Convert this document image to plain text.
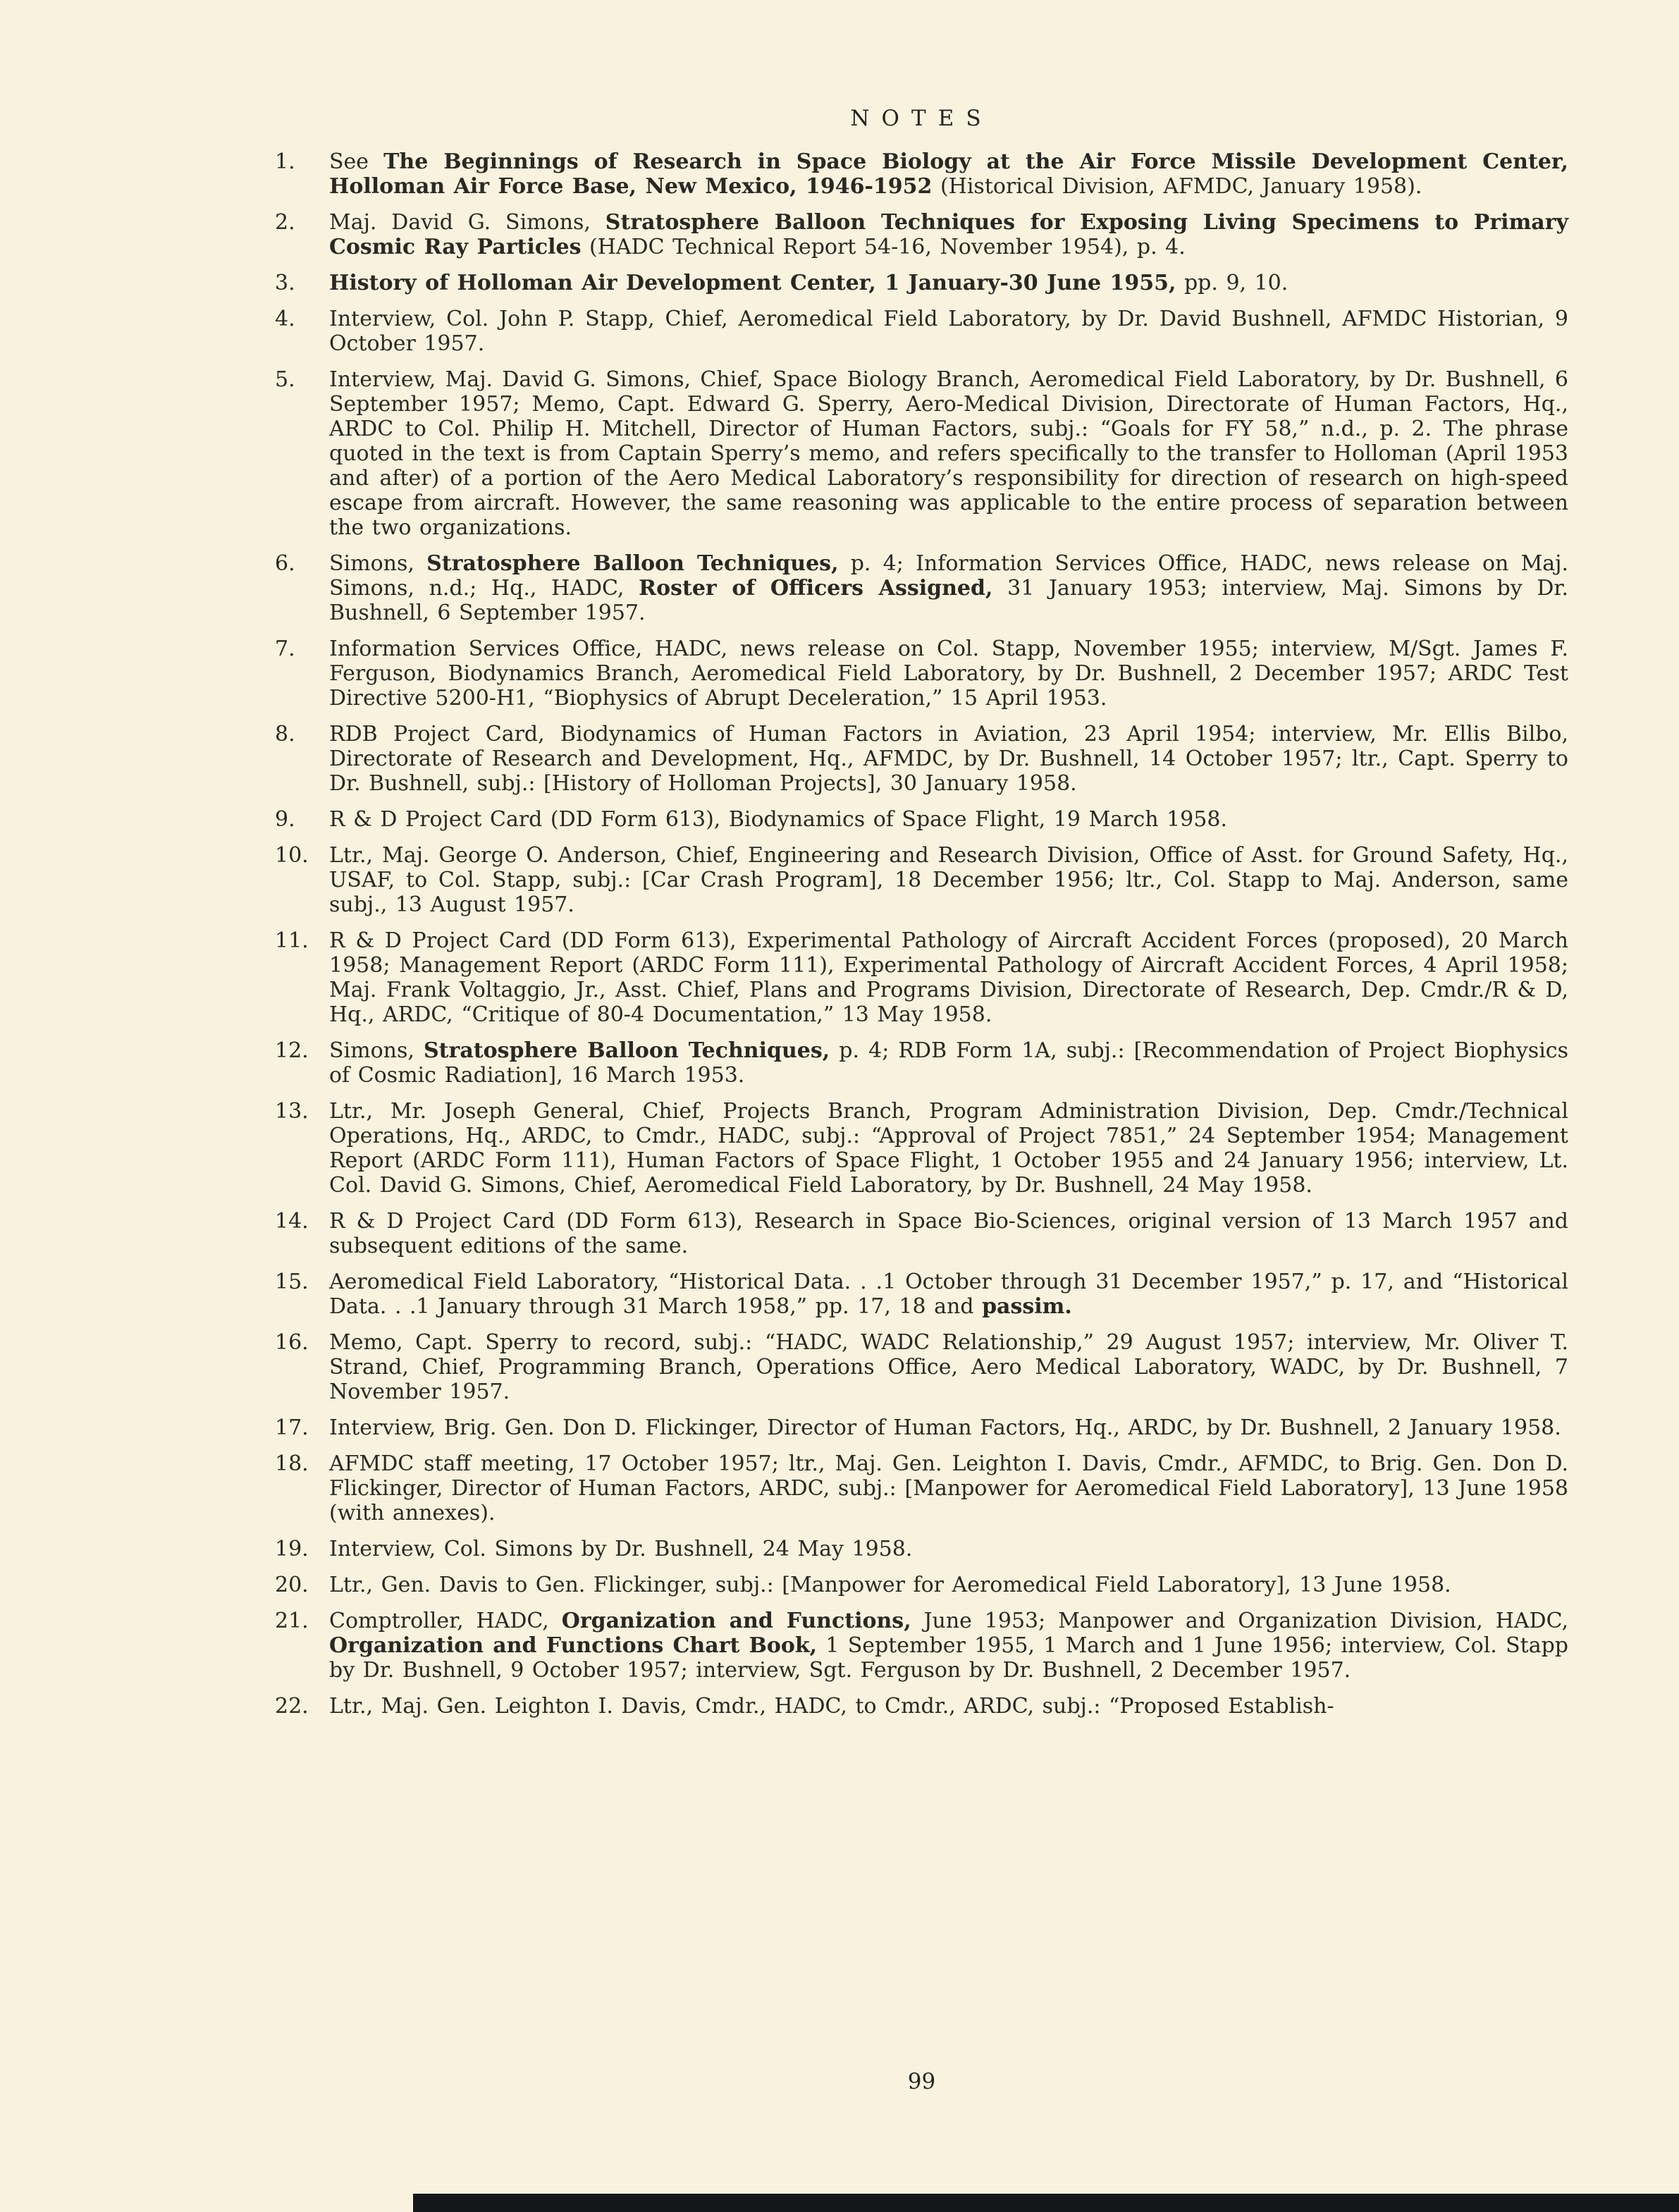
NOTES
1.	See The Beginnings of Research in Space Biology at the Air Force Missile Development Center, Holloman Air Force Base, New Mexico, 1946-1952 (Historical Division, AFMDC, January 1958).
2.	Maj. David G. Simons, Stratosphere Balloon Techniques for Exposing Living Specimens to Primary Cosmic Ray Particles (HADC Technical Report 54-16, November 1954), p. 4.
3.	History of Holloman Air Development Center, 1 January-30 June 1955, pp. 9, 10.
4.	Interview, Col. John P. Stapp, Chief, Aeromedical Field Laboratory, by Dr. David Bushnell, AFMDC Historian, 9 October 1957.
5.	Interview, Maj. David G. Simons, Chief, Space Biology Branch, Aeromedical Field Laboratory, by Dr. Bushnell, 6 September 1957; Memo, Capt. Edward G. Sperry, Aero-Medical Division, Directorate of Human Factors, Hq., ARDC to Col. Philip H. Mitchell, Director of Human Factors, subj.: “Goals for FY 58,” n.d., p. 2. The phrase quoted in the text is from Captain Sperry’s memo, and refers specifically to the transfer to Holloman (April 1953 and after) of a portion of the Aero Medical Laboratory’s responsibility for direction of research on high-speed escape from aircraft. However, the same reasoning was applicable to the entire process of separation between the two organizations.
6.	Simons, Stratosphere Balloon Techniques, p. 4; Information Services Office, HADC, news release on Maj. Simons, n.d.; Hq., HADC, Roster of Officers Assigned, 31 January 1953; interview, Maj. Simons by Dr. Bushnell, 6 September 1957.
7.	Information Services Office, HADC, news release on Col. Stapp, November 1955; interview, M/Sgt. James F. Ferguson, Biodynamics Branch, Aeromedical Field Laboratory, by Dr. Bushnell, 2 December 1957; ARDC Test Directive 5200-H1, “Biophysics of Abrupt Deceleration,” 15 April 1953.
8.	RDB Project Card, Biodynamics of Human Factors in Aviation, 23 April 1954; interview, Mr. Ellis Bilbo, Directorate of Research and Development, Hq., AFMDC, by Dr. Bushnell, 14 October 1957; ltr., Capt. Sperry to Dr. Bushnell, subj.: [History of Holloman Projects], 30 January 1958.
9.	R & D Project Card (DD Form 613), Biodynamics of Space Flight, 19 March 1958.
10. Ltr., Maj. George O. Anderson, Chief, Engineering and Research Division, Office of Asst. for Ground Safety, Hq., USAF, to Col. Stapp, subj.: [Car Crash Program], 18 December 1956; ltr., Col. Stapp to Maj. Anderson, same subj., 13 August 1957.
11. R & D Project Card (DD Form 613), Experimental Pathology of Aircraft Accident Forces (proposed), 20 March 1958; Management Report (ARDC Form 111), Experimental Pathology of Aircraft Accident Forces, 4 April 1958; Maj. Frank Voltaggio, Jr., Asst. Chief, Plans and Programs Division, Directorate of Research, Dep. Cmdr./R & D, Hq., ARDC, “Critique of 80-4 Documentation,” 13 May 1958.
12. Simons, Stratosphere Balloon Techniques, p. 4; RDB Form 1A, subj.: [Recommendation of Project Biophysics of Cosmic Radiation], 16 March 1953.
13. Ltr., Mr. Joseph General, Chief, Projects Branch, Program Administration Division, Dep. Cmdr./Technical Operations, Hq., ARDC, to Cmdr., HADC, subj.: “Approval of Project 7851,” 24 September 1954; Management Report (ARDC Form 111), Human Factors of Space Flight, 1 October 1955 and 24 January 1956; interview, Lt. Col. David G. Simons, Chief, Aeromedical Field Laboratory, by Dr. Bushnell, 24 May 1958.
14. R & D Project Card (DD Form 613), Research in Space Bio-Sciences, original version of 13 March 1957 and subsequent editions of the same.
15. Aeromedical Field Laboratory, “Historical Data. . .1 October through 31 December 1957,” p. 17, and “Historical Data. . .1 January through 31 March 1958,” pp. 17, 18 and passim.
16. Memo, Capt. Sperry to record, subj.: “HADC, WADC Relationship,” 29 August 1957; interview, Mr. Oliver T. Strand, Chief, Programming Branch, Operations Office, Aero Medical Laboratory, WADC, by Dr. Bushnell, 7 November 1957.
17. Interview, Brig. Gen. Don D. Flickinger, Director of Human Factors, Hq., ARDC, by Dr. Bushnell, 2 January 1958.
18. AFMDC staff meeting, 17 October 1957; ltr., Maj. Gen. Leighton I. Davis, Cmdr., AFMDC, to Brig. Gen. Don D. Flickinger, Director of Human Factors, ARDC, subj.: [Manpower for Aeromedical Field Laboratory], 13 June 1958 (with annexes).
19. Interview, Col. Simons by Dr. Bushnell, 24 May 1958.
20. Ltr., Gen. Davis to Gen. Flickinger, subj.: [Manpower for Aeromedical Field Laboratory], 13 June 1958.
21. Comptroller, HADC, Organization and Functions, June 1953; Manpower and Organization Division, HADC, Organization and Functions Chart Book, 1 September 1955, 1 March and 1 June 1956; interview, Col. Stapp by Dr. Bushnell, 9 October 1957; interview, Sgt. Ferguson by Dr. Bushnell, 2 December 1957.
22. Ltr., Maj. Gen. Leighton I. Davis, Cmdr., HADC, to Cmdr., ARDC, subj.: “Proposed Establish-
99
